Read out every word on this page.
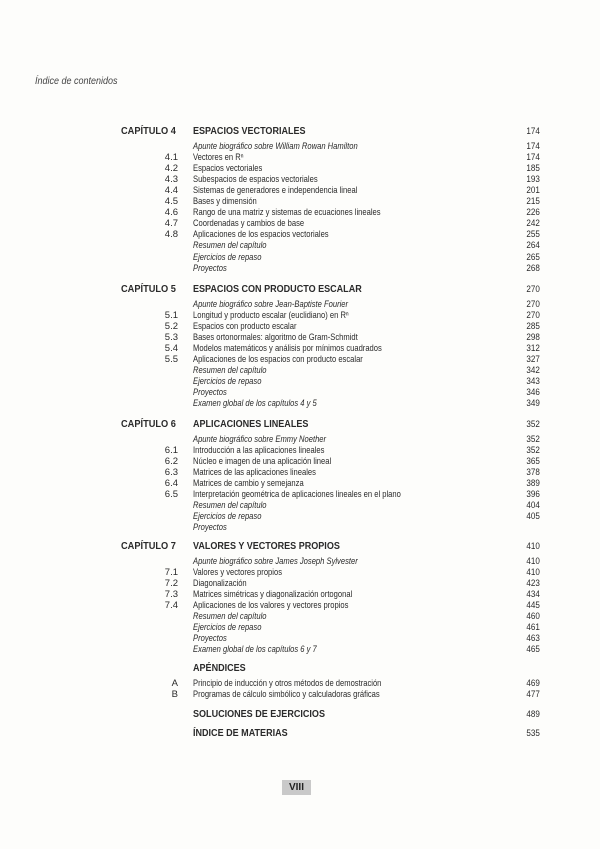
Índice de contenidos
CAPÍTULO 4 ESPACIOS VECTORIALES	174
Apunte biográfico sobre William Rowan Hamilton	174
4.1 Vectores en Rⁿ	174
4.2 Espacios vectoriales	185
4.3 Subespacios de espacios vectoriales	193
4.4 Sistemas de generadores e independencia lineal	201
4.5 Bases y dimensión	215
4.6 Rango de una matriz y sistemas de ecuaciones lineales	226
4.7 Coordenadas y cambios de base	242
4.8 Aplicaciones de los espacios vectoriales	255
Resumen del capítulo	264
Ejercicios de repaso	265
Proyectos	268
CAPÍTULO 5 ESPACIOS CON PRODUCTO ESCALAR	270
Apunte biográfico sobre Jean-Baptiste Fourier	270
5.1 Longitud y producto escalar (euclidiano) en Rⁿ	270
5.2 Espacios con producto escalar	285
5.3 Bases ortonormales: algoritmo de Gram-Schmidt	298
5.4 Modelos matemáticos y análisis por mínimos cuadrados	312
5.5 Aplicaciones de los espacios con producto escalar	327
Resumen del capítulo	342
Ejercicios de repaso	343
Proyectos	346
Examen global de los capítulos 4 y 5	349
CAPÍTULO 6 APLICACIONES LINEALES	352
Apunte biográfico sobre Emmy Noether	352
6.1 Introducción a las aplicaciones lineales	352
6.2 Núcleo e imagen de una aplicación lineal	365
6.3 Matrices de las aplicaciones lineales	378
6.4 Matrices de cambio y semejanza	389
6.5 Interpretación geométrica de aplicaciones lineales en el plano	396
Resumen del capítulo	404
Ejercicios de repaso	405
Proyectos
CAPÍTULO 7 VALORES Y VECTORES PROPIOS	410
Apunte biográfico sobre James Joseph Sylvester	410
7.1 Valores y vectores propios	410
7.2 Diagonalización	423
7.3 Matrices simétricas y diagonalización ortogonal	434
7.4 Aplicaciones de los valores y vectores propios	445
Resumen del capítulo	460
Ejercicios de repaso	461
Proyectos	463
Examen global de los capítulos 6 y 7	465
APÉNDICES
A Principio de inducción y otros métodos de demostración	469
B Programas de cálculo simbólico y calculadoras gráficas	477
SOLUCIONES DE EJERCICIOS	489
ÍNDICE DE MATERIAS	535
VIII
